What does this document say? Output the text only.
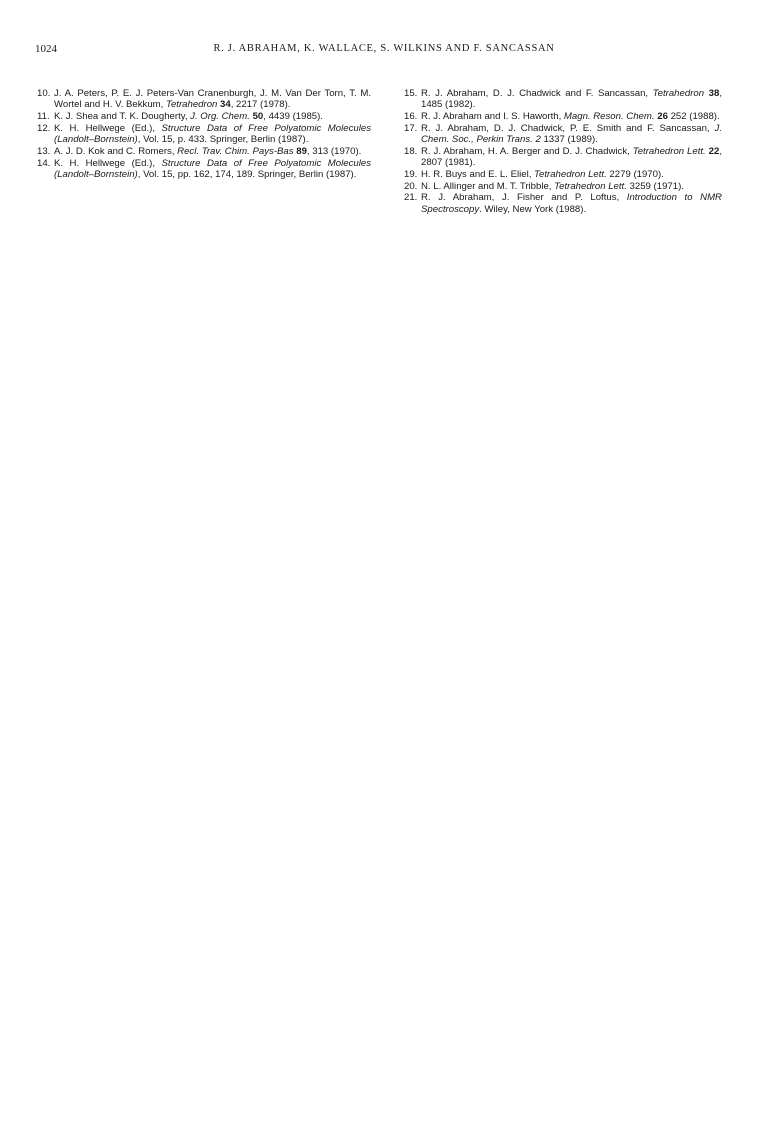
1024	R. J. ABRAHAM, K. WALLACE, S. WILKINS AND F. SANCASSAN
10. J. A. Peters, P. E. J. Peters-Van Cranenburgh, J. M. Van Der Torn, T. M. Wortel and H. V. Bekkum, Tetrahedron 34, 2217 (1978).
11. K. J. Shea and T. K. Dougherty, J. Org. Chem. 50, 4439 (1985).
12. K. H. Hellwege (Ed.), Structure Data of Free Polyatomic Molecules (Landolt–Bornstein), Vol. 15, p. 433. Springer, Berlin (1987).
13. A. J. D. Kok and C. Romers, Recl. Trav. Chim. Pays-Bas 89, 313 (1970).
14. K. H. Hellwege (Ed.), Structure Data of Free Polyatomic Molecules (Landolt–Bornstein), Vol. 15, pp. 162, 174, 189. Springer, Berlin (1987).
15. R. J. Abraham, D. J. Chadwick and F. Sancassan, Tetrahedron 38, 1485 (1982).
16. R. J. Abraham and I. S. Haworth, Magn. Reson. Chem. 26 252 (1988).
17. R. J. Abraham, D. J. Chadwick, P. E. Smith and F. Sancassan, J. Chem. Soc., Perkin Trans. 2 1337 (1989).
18. R. J. Abraham, H. A. Berger and D. J. Chadwick, Tetrahedron Lett. 22, 2807 (1981).
19. H. R. Buys and E. L. Eliel, Tetrahedron Lett. 2279 (1970).
20. N. L. Allinger and M. T. Tribble, Tetrahedron Lett. 3259 (1971).
21. R. J. Abraham, J. Fisher and P. Loftus, Introduction to NMR Spectroscopy. Wiley, New York (1988).
